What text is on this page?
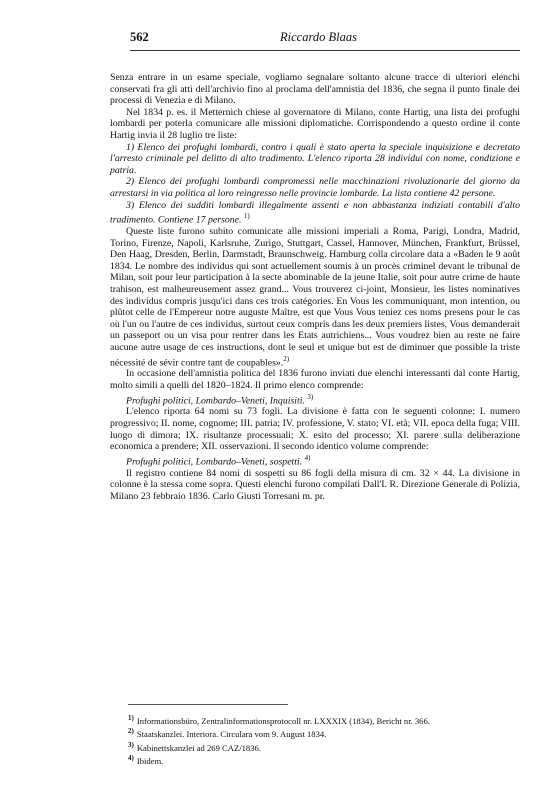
562	Riccardo Blaas

Senza entrare in un esame speciale, vogliamo segnalare soltanto alcune tracce di ulteriori elenchi conservati fra gli atti dell'archivio fino al proclama dell'amnistia del 1836, che segna il punto finale dei processi di Venezia e di Milano.

Nel 1834 p. es. il Metternich chiese al governatore di Milano, conte Hartig, una lista dei profughi lombardi per poterla comunicare alle missioni diplomatiche. Corrispondendo a questo ordine il conte Hartig invia il 28 luglio tre liste:

1) Elenco dei profughi lombardi, contro i quali è stato aperta la speciale inquisizione e decretato l'arresto criminale pel delitto di alto tradimento. L'elenco riporta 28 individui con nome, condizione e patria.

2) Elenco dei profughi lombardi compromessi nelle macchinazioni rivoluzionarie del giorno da arrestarsi in via politica al loro reingresso nelle provincie lombarde. La lista contiene 42 persone.

3) Elenco dei sudditi lombardi illegalmente assenti e non abbastanza indiziati contabili d'alto tradimento. Contiene 17 persone. $^{1)}$

Queste liste furono subito comunicate alle missioni imperiali a Roma, Parigi, Londra, Madrid, Torino, Firenze, Napoli, Karlsruhe, Zurigo, Stuttgart, Cassel, Hannover, München, Frankfurt, Brüssel, Den Haag, Dresden, Berlin, Darmstadt, Braunschweig. Hamburg colla circolare data a «Baden le 9 août 1834. Le nombre des individus qui sont actuellement soumis à un procès criminel devant le tribunal de Milan, soit pour leur participation à la secte abominable de la jeune Italie, soit pour autre crime de haute trahison, est malheureusement assez grand... Vous trouverez ci-joint, Monsieur, les listes nominatives des individus compris jusqu'ici dans ces trois catégories. En Vous les communiquant, mon intention, ou plûtot celle de l'Empereur notre auguste Maître, est que Vous Vous teniez ces noms presens pour le cas où l'un ou l'autre de ces individus, surtout ceux compris dans les deux premiers listes, Vous demanderait un passeport ou un visa pour rentrer dans les Etats autrichiens... Vous voudrez bien au reste ne faire aucune autre usage de ces instructions, dont le seul et unique but est de diminuer que possible la triste nécessité de sévir contre tant de coupables».$^{2)}$

In occasione dell'amnistia politica del 1836 furono inviati due elenchi interessanti dal conte Hartig, molto simili a quelli del 1820–1824. Il primo elenco comprende:

Profughi politici, Lombardo–Veneti, Inquisiti. $^{3)}$

L'elenco riporta 64 nomi su 73 fogli. La divisione è fatta con le seguenti colonne: I. numero progressivo; II. nome, cognome; III. patria; IV. professione, V. stato; VI. età; VII. epoca della fuga; VIII. luogo di dimora; IX. risultanze processuali; X. esito del processo; XI. parere sulla deliberazione economica a prendere; XII. osservazioni. Il secondo identico volume comprende:

Profughi politici, Lombardo–Veneti, sospetti. $^{4)}$

Il registro contiene 84 nomi di sospetti su 86 fogli della misura di cm. 32 × 44. La divisione in colonne è la stessa come sopra. Questi elenchi furono compilati Dall'I. R. Direzione Generale di Polizia, Milano 23 febbraio 1836. Carlo Giusti Torresani m. pr.

$^{1)}$ Informationsbüro, Zentralinformationsprotocoll nr. LXXXIX (1834), Bericht nr. 366.

$^{2)}$ Staatskanzlei. Interiora. Circulara vom 9. August 1834.

$^{3)}$ Kabinettskanzlei ad 269 CAZ/1836.

$^{4)}$ Ibidem.
